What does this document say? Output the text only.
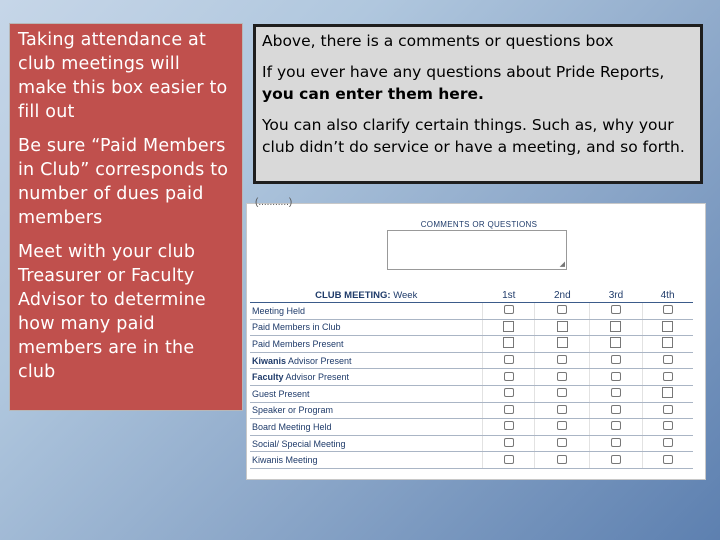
Taking attendance at club meetings will make this box easier to fill out

Be sure “Paid Members in Club” corresponds to number of dues paid members

Meet with your club Treasurer or Faculty Advisor to determine how many paid members are in the club

Above, there is a comments or questions box

If you ever have any questions about Pride Reports, you can enter them here.

You can also clarify certain things. Such as, why your club didn’t do service or have a meeting, and so forth.

(...........)
COMMENTS OR QUESTIONS
◢
CLUB MEETING: Week	1st	2nd	3rd	4th
Meeting Held				
Paid Members in Club				
Paid Members Present				
Kiwanis Advisor Present				
Faculty Advisor Present				
Guest Present				
Speaker or Program				
Board Meeting Held				
Social/ Special Meeting				
Kiwanis Meeting				
